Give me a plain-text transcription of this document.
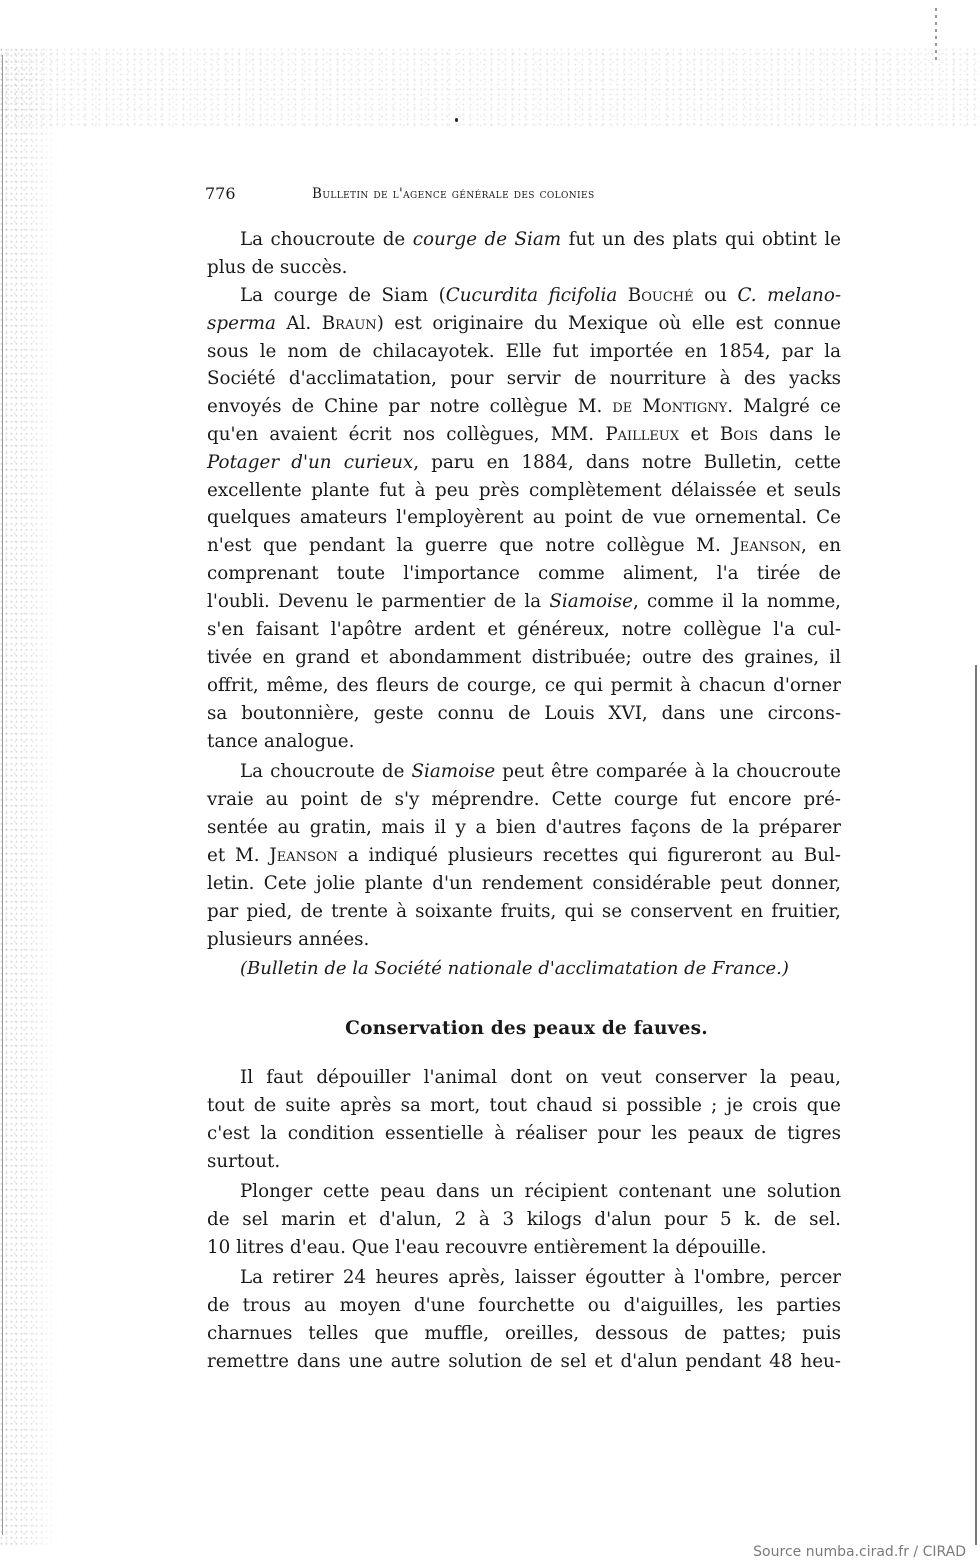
776	bulletin de l'agence générale des colonies
La choucroute de courge de Siam fut un des plats qui obtint le
plus de succès.
La courge de Siam (Cucurdita ficifolia Bouché ou C. melano-
sperma Al. Braun) est originaire du Mexique où elle est connue
sous le nom de chilacayotek. Elle fut importée en 1854, par la
Société d'acclimatation, pour servir de nourriture à des yacks
envoyés de Chine par notre collègue M. de Montigny. Malgré ce
qu'en avaient écrit nos collègues, MM. Pailleux et Bois dans le
Potager d'un curieux, paru en 1884, dans notre Bulletin, cette
excellente plante fut à peu près complètement délaissée et seuls
quelques amateurs l'employèrent au point de vue ornemental. Ce
n'est que pendant la guerre que notre collègue M. Jeanson, en
comprenant toute l'importance comme aliment, l'a tirée de
l'oubli. Devenu le parmentier de la Siamoise, comme il la nomme,
s'en faisant l'apôtre ardent et généreux, notre collègue l'a cul-
tivée en grand et abondamment distribuée; outre des graines, il
offrit, même, des fleurs de courge, ce qui permit à chacun d'orner
sa boutonnière, geste connu de Louis XVI, dans une circons-
tance analogue.
La choucroute de Siamoise peut être comparée à la choucroute
vraie au point de s'y méprendre. Cette courge fut encore pré-
sentée au gratin, mais il y a bien d'autres façons de la préparer
et M. Jeanson a indiqué plusieurs recettes qui figureront au Bul-
letin. Cete jolie plante d'un rendement considérable peut donner,
par pied, de trente à soixante fruits, qui se conservent en fruitier,
plusieurs années.
(Bulletin de la Société nationale d'acclimatation de France.)
Conservation des peaux de fauves.
Il faut dépouiller l'animal dont on veut conserver la peau,
tout de suite après sa mort, tout chaud si possible ; je crois que
c'est la condition essentielle à réaliser pour les peaux de tigres
surtout.
Plonger cette peau dans un récipient contenant une solution
de sel marin et d'alun, 2 à 3 kilogs d'alun pour 5 k. de sel.
10 litres d'eau. Que l'eau recouvre entièrement la dépouille.
La retirer 24 heures après, laisser égoutter à l'ombre, percer
de trous au moyen d'une fourchette ou d'aiguilles, les parties
charnues telles que muffle, oreilles, dessous de pattes; puis
remettre dans une autre solution de sel et d'alun pendant 48 heu-
Source numba.cirad.fr / CIRAD
